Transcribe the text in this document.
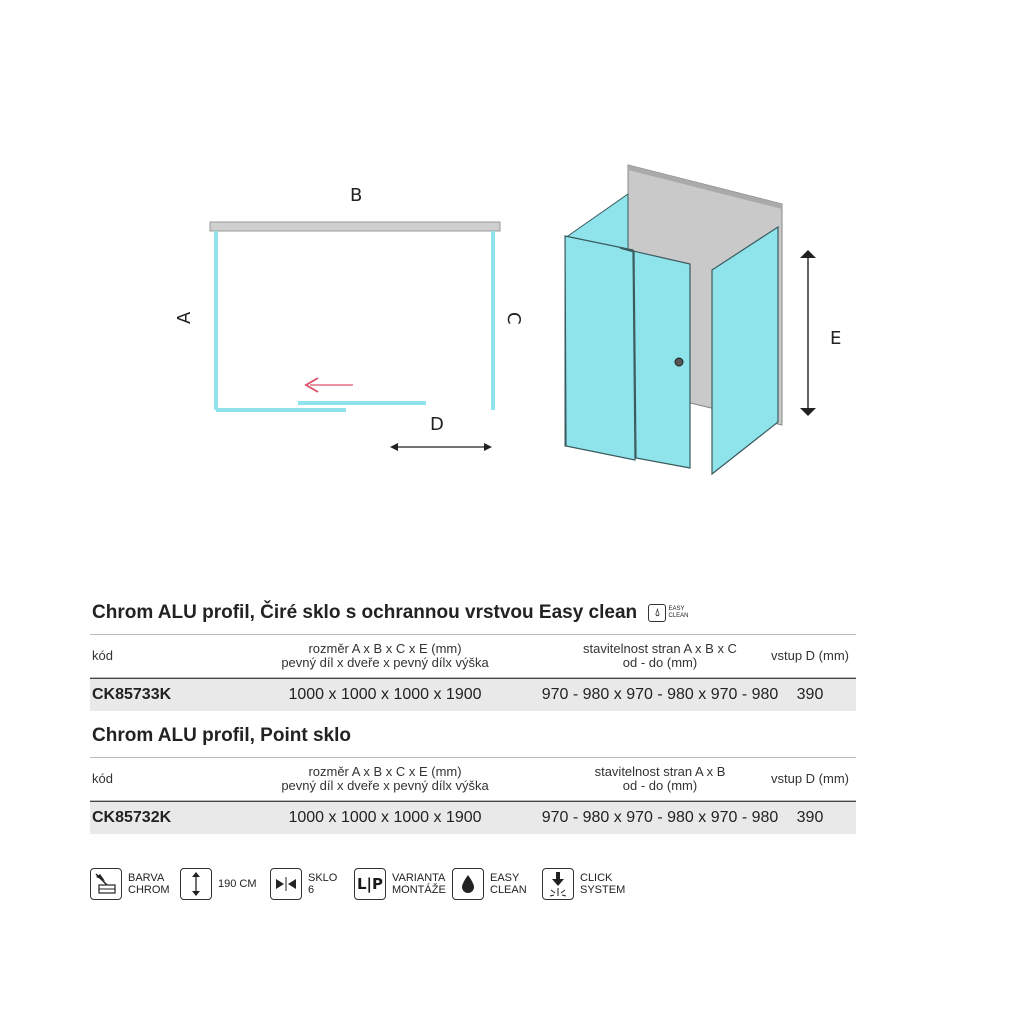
B
A	C
D
E
Chrom ALU profil, Čiré sklo s ochrannou vrstvou Easy clean 💧︎ EASY
CLEAN
kód	rozměr A x B x C x E (mm)
pevný díl x dveře x pevný dílx výška
stavitelnost stran A x B x C
od - do (mm)	vstup D (mm)
CK85733K	1000 x 1000 x 1000 x 1900	970 - 980 x 970 - 980 x 970 - 980	390
Chrom ALU profil, Point sklo
kód	rozměr A x B x C x E (mm)
pevný díl x dveře x pevný dílx výška
stavitelnost stran A x B
od - do (mm)	vstup D (mm)
CK85732K	1000 x 1000 x 1000 x 1900	970 - 980 x 970 - 980 x 970 - 980	390
BARVA
CHROM	190 CM	SKLO
6	L|P VARIANTA
MONTÁŽE
EASY
CLEAN
CLICK
SYSTEM
